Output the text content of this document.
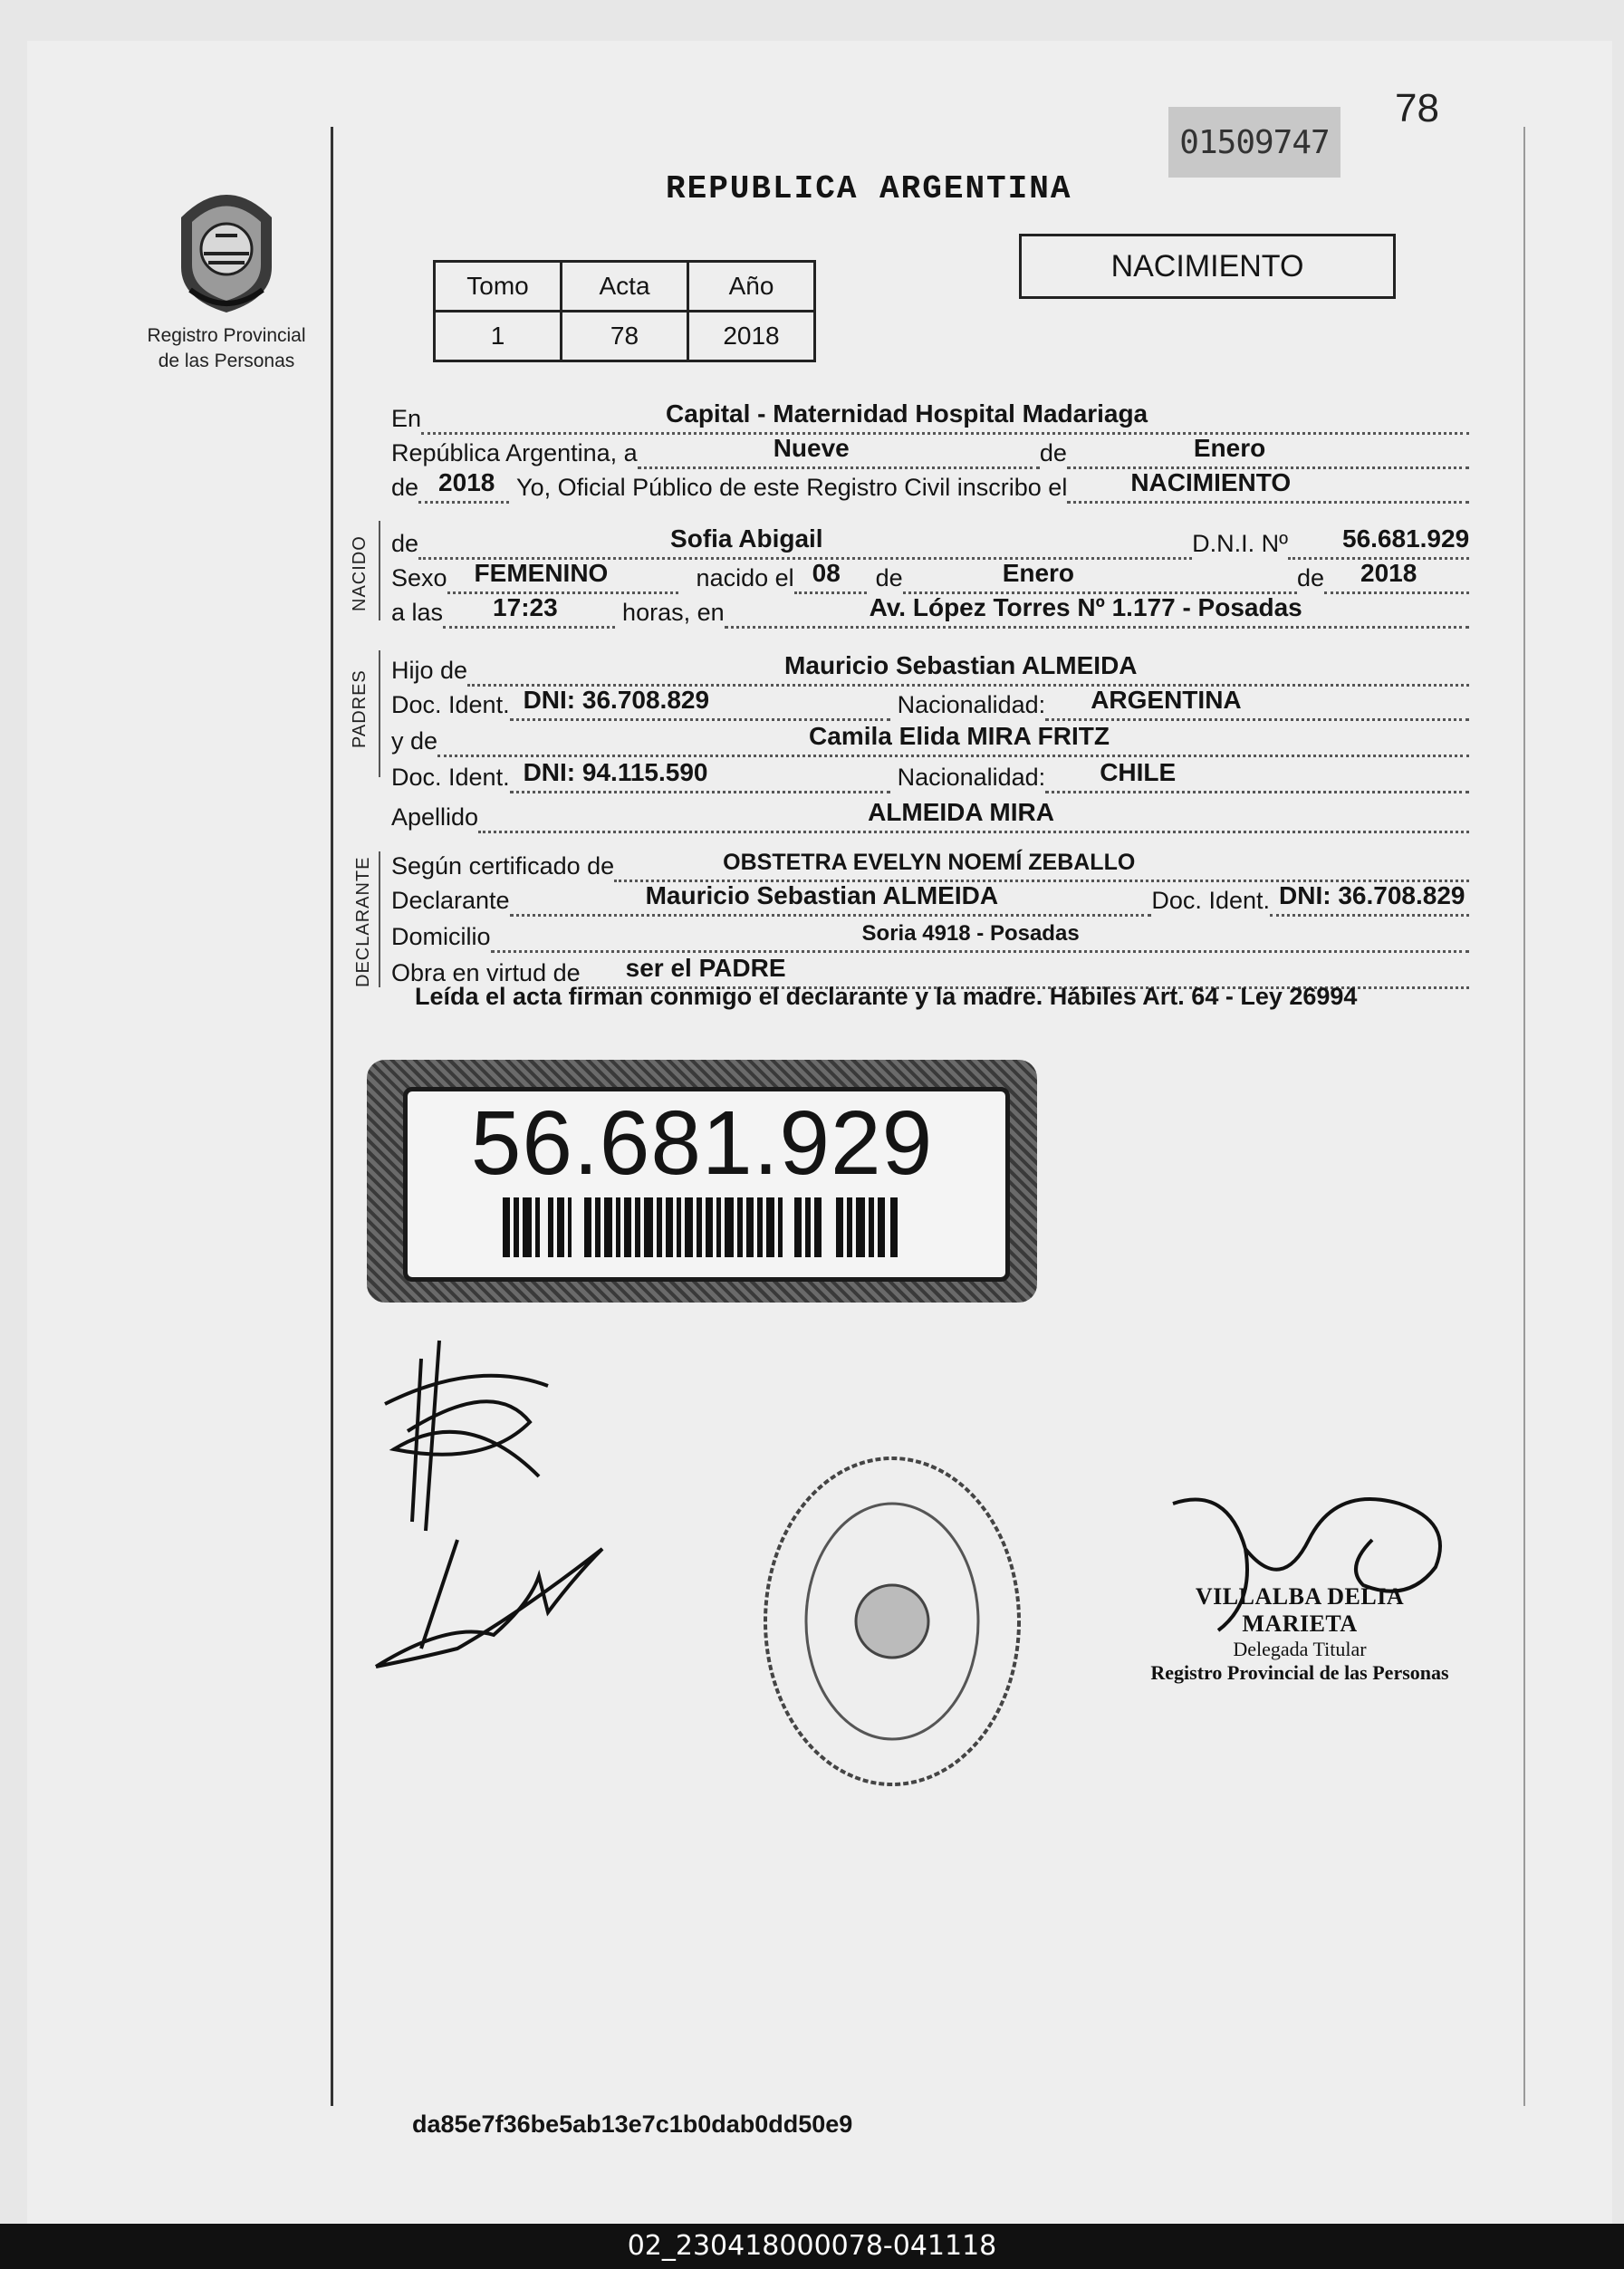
Registro Provincial
de las Personas
01509747
78
REPUBLICA ARGENTINA
NACIMIENTO
Tomo	Acta	Año
1	78	2018
NACIDO
PADRES
DECLARANTE
En	Capital - Maternidad Hospital Madariaga
República Argentina, a	Nueve	de	Enero
de 2018 Yo, Oficial Público de este Registro Civil inscribo el	NACIMIENTO
de	Sofia Abigail	D.N.I. Nº 56.681.929
Sexo FEMENINO	nacido el 08 de	Enero	de 2018
a las 17:23	horas, en	Av. López Torres Nº 1.177 - Posadas
Hijo de	Mauricio Sebastian ALMEIDA
Doc. Ident. DNI: 36.708.829	Nacionalidad: ARGENTINA
y de	Camila Elida MIRA FRITZ
Doc. Ident. DNI: 94.115.590	Nacionalidad: CHILE
Apellido	ALMEIDA MIRA
Según certificado de	OBSTETRA EVELYN NOEMÍ ZEBALLO
Declarante	Mauricio Sebastian ALMEIDA	Doc. Ident. DNI: 36.708.829
Domicilio	Soria 4918 - Posadas
Obra en virtud de ser el PADRE
Leída el acta firman conmigo el declarante y la madre. Hábiles Art. 64 - Ley 26994
56.681.929
VILLALBA DELIA MARIETA
Delegada Titular
Registro Provincial de las Personas
da85e7f36be5ab13e7c1b0dab0dd50e9
02_230418000078-041118
